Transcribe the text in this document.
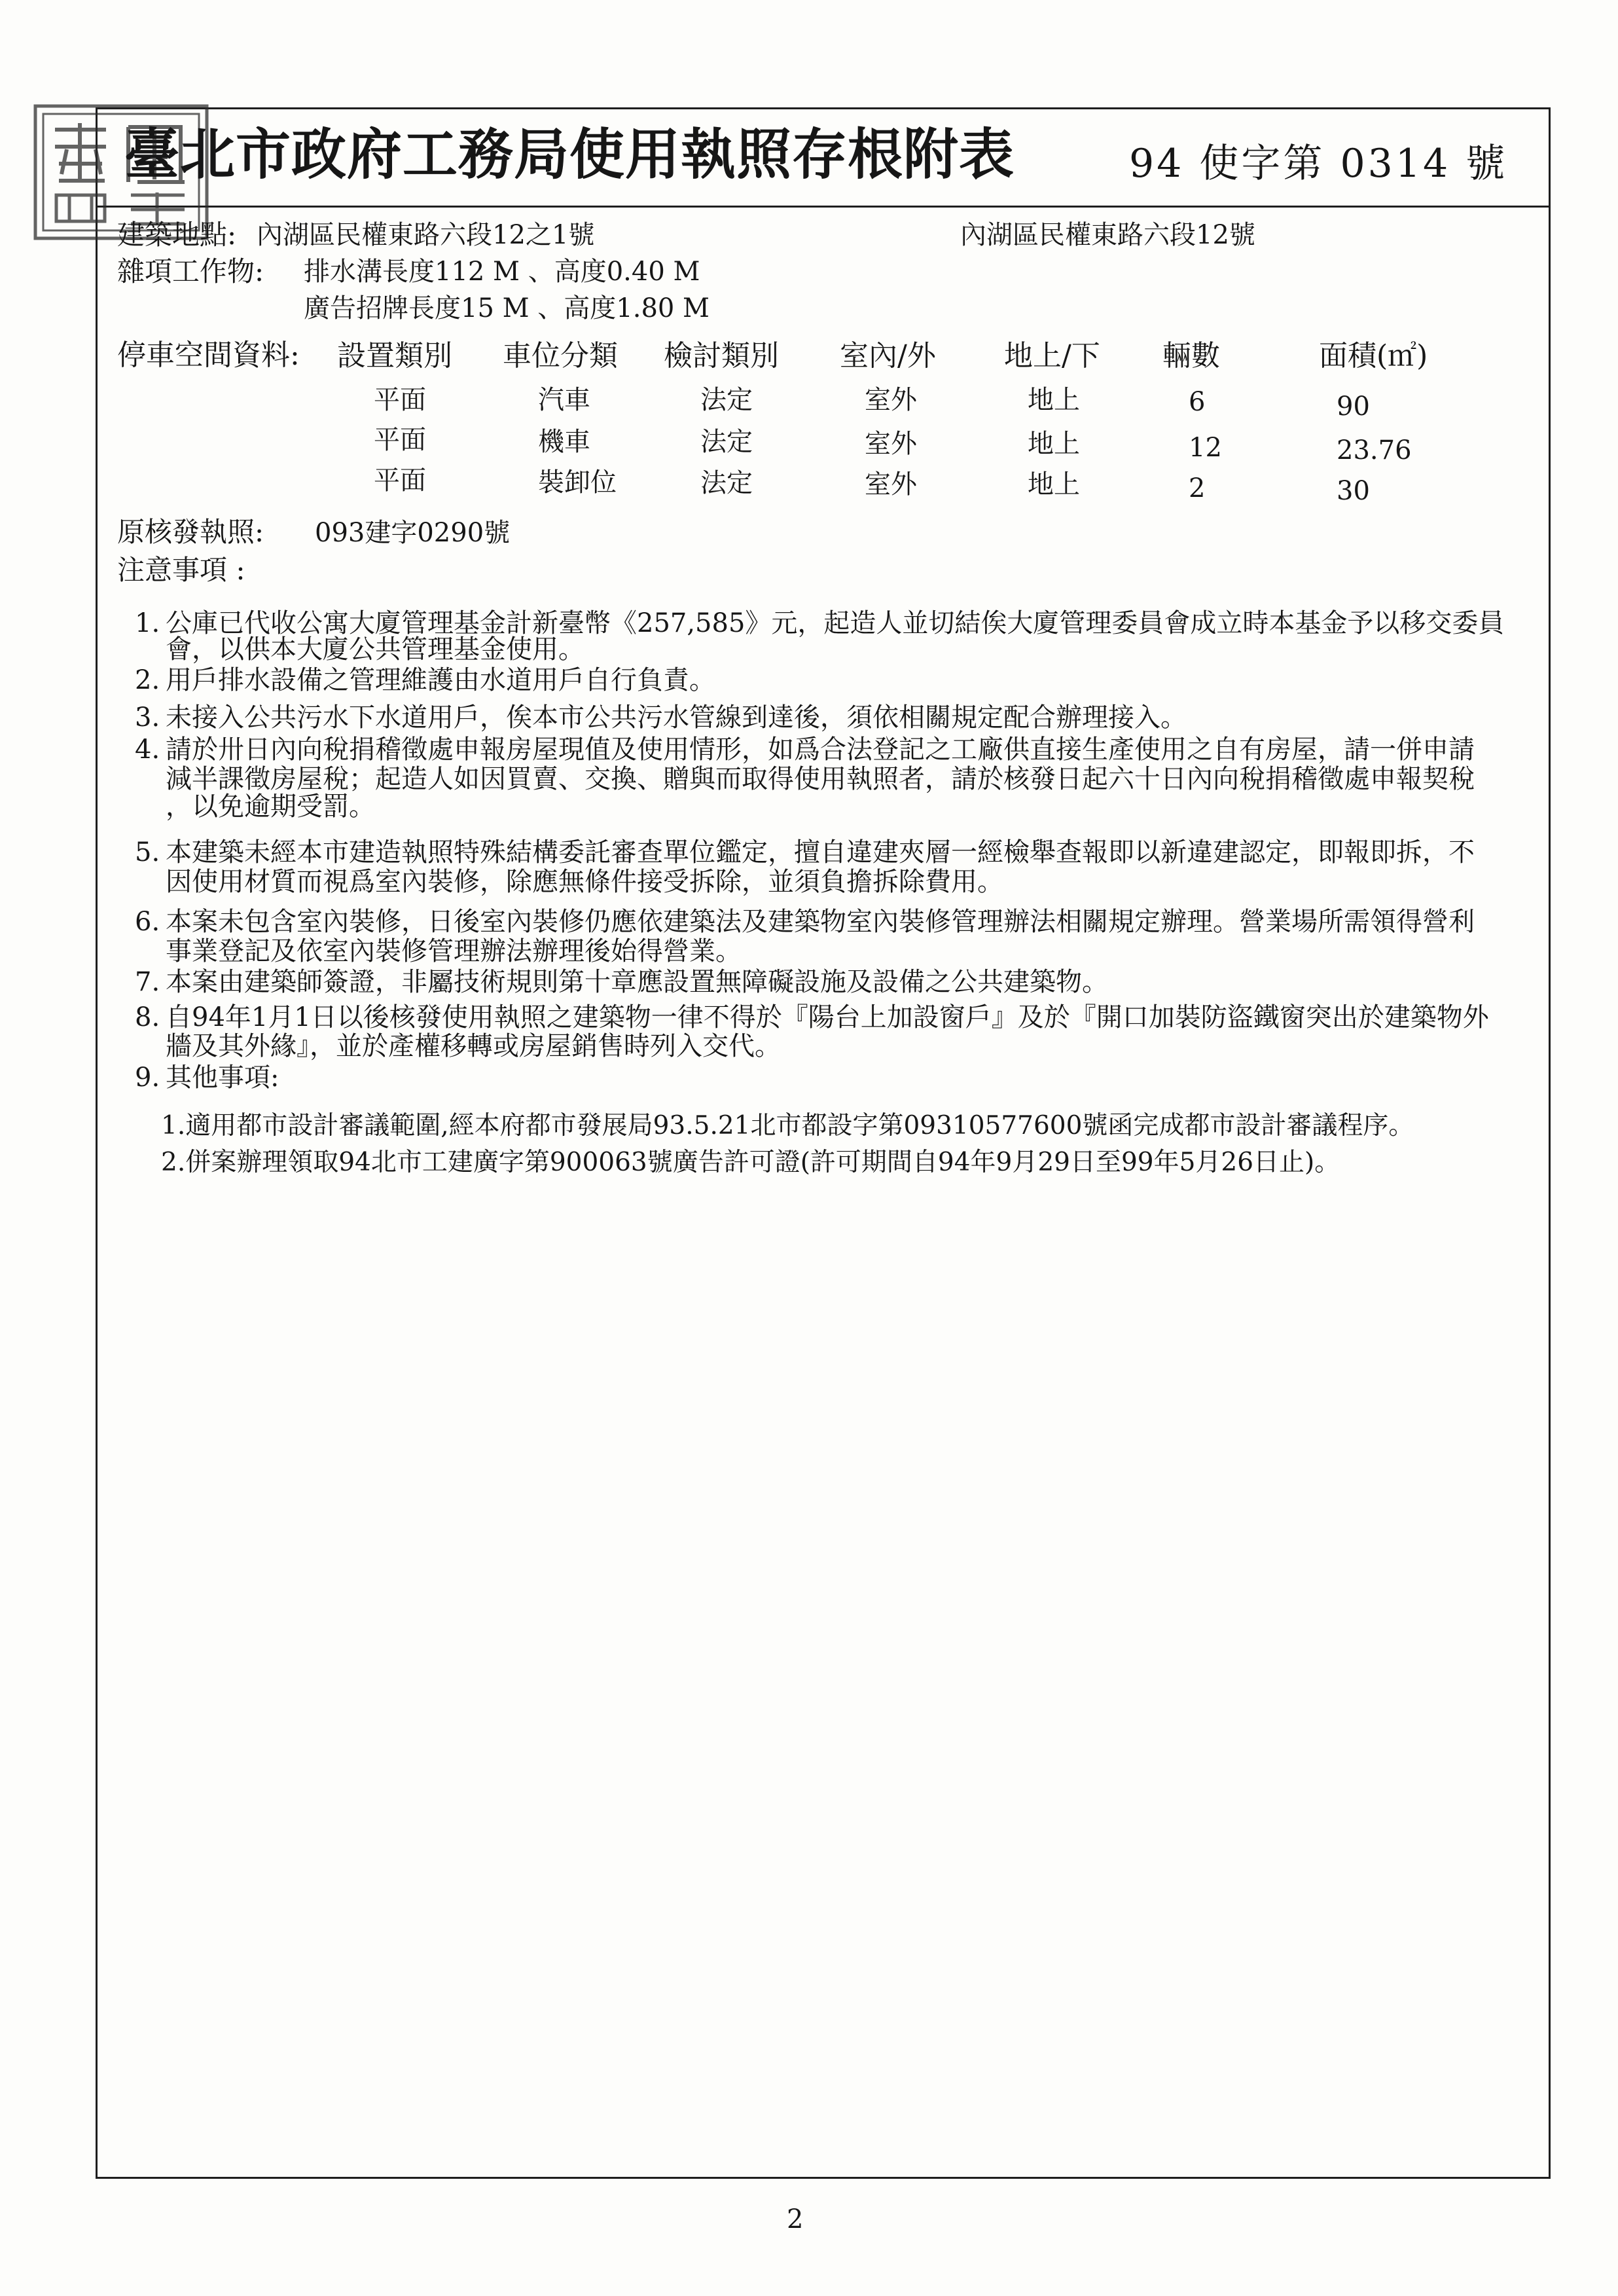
臺北市政府工務局使用執照存根附表	94 使字第 0314 號
建築地點: 內湖區民權東路六段12之1號	內湖區民權東路六段12號
雜項工作物: 排水溝長度112 M 、高度0.40 M
廣告招牌長度15 M 、高度1.80 M
停車空間資料: 設置類別 車位分類 檢討類別 室內/外 地上/下 輛數	面積(㎡)
平面	汽車	法定	室外	地上	6	90
平面	機車	法定	室外	地上	12	23.76
平面	裝卸位	法定	室外	地上	2	30
原核發執照: 093建字0290號
注意事項 :
1. 公庫已代收公寓大廈管理基金計新臺幣《257,585》元，起造人並切結俟大廈管理委員會成立時本基金予以移交委員
會，以供本大廈公共管理基金使用。
2. 用戶排水設備之管理維護由水道用戶自行負責。
3. 未接入公共污水下水道用戶，俟本市公共污水管線到達後，須依相關規定配合辦理接入。
4. 請於卅日內向稅捐稽徵處申報房屋現值及使用情形，如爲合法登記之工廠供直接生產使用之自有房屋，請一併申請
減半課徵房屋稅；起造人如因買賣、交換、贈與而取得使用執照者，請於核發日起六十日內向稅捐稽徵處申報契稅
，以免逾期受罰。
5. 本建築未經本市建造執照特殊結構委託審查單位鑑定，擅自違建夾層一經檢舉查報即以新違建認定，即報即拆，不
因使用材質而視爲室內裝修，除應無條件接受拆除，並須負擔拆除費用。
6. 本案未包含室內裝修，日後室內裝修仍應依建築法及建築物室內裝修管理辦法相關規定辦理。營業場所需領得營利
事業登記及依室內裝修管理辦法辦理後始得營業。
7. 本案由建築師簽證，非屬技術規則第十章應設置無障礙設施及設備之公共建築物。
8. 自94年1月1日以後核發使用執照之建築物一律不得於『陽台上加設窗戶』及於『開口加裝防盜鐵窗突出於建築物外
牆及其外緣』，並於產權移轉或房屋銷售時列入交代。
9. 其他事項:
1.適用都市設計審議範圍,經本府都市發展局93.5.21北市都設字第09310577600號函完成都市設計審議程序。
2.併案辦理領取94北市工建廣字第900063號廣告許可證(許可期間自94年9月29日至99年5月26日止)。
2
